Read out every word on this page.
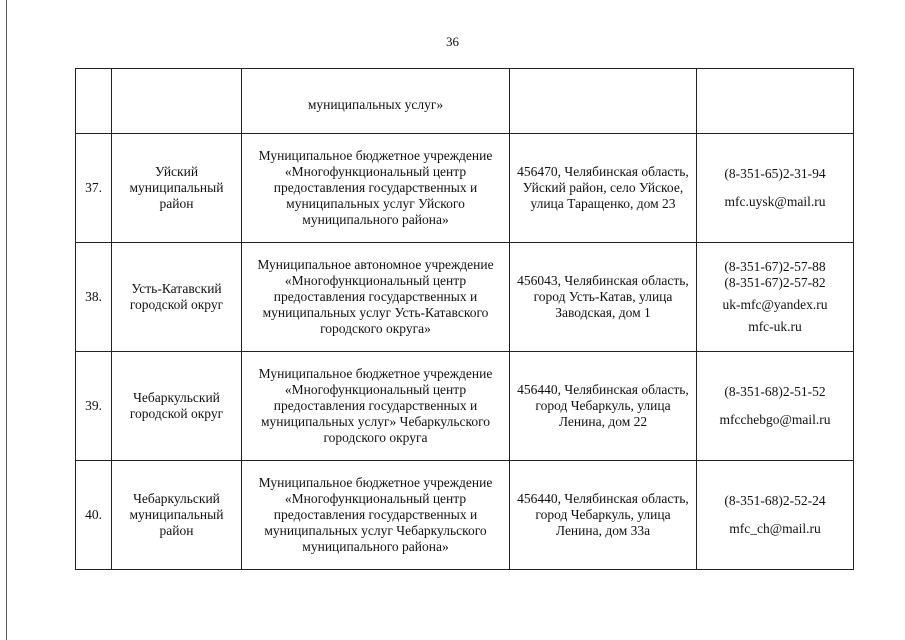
36
		муниципальных услуг»		
37.	Уйский муниципальный район	Муниципальное бюджетное учреждение «Многофункциональный центр предоставления государственных и муниципальных услуг Уйского муниципального района»	456470, Челябинская область, Уйский район, село Уйское, улица Таращенко, дом 23	(8-351-65)2-31-94
mfc.uysk@mail.ru

38.	Усть-Катавский городской округ	Муниципальное автономное учреждение «Многофункциональный центр предоставления государственных и муниципальных услуг Усть-Катавского городского округа»	456043, Челябинская область, город Усть-Катав, улица Заводская, дом 1	(8-351-67)2-57-88
(8-351-67)2-57-82
uk-mfc@yandex.ru
mfc-uk.ru

39.	Чебаркульский городской округ	Муниципальное бюджетное учреждение «Многофункциональный центр предоставления государственных и муниципальных услуг» Чебаркульского городского округа	456440, Челябинская область, город Чебаркуль, улица Ленина, дом 22	(8-351-68)2-51-52
mfcchebgo@mail.ru

40.	Чебаркульский муниципальный район	Муниципальное бюджетное учреждение «Многофункциональный центр предоставления государственных и муниципальных услуг Чебаркульского муниципального района»	456440, Челябинская область, город Чебаркуль, улица Ленина, дом 33а	(8-351-68)2-52-24
mfc_ch@mail.ru
